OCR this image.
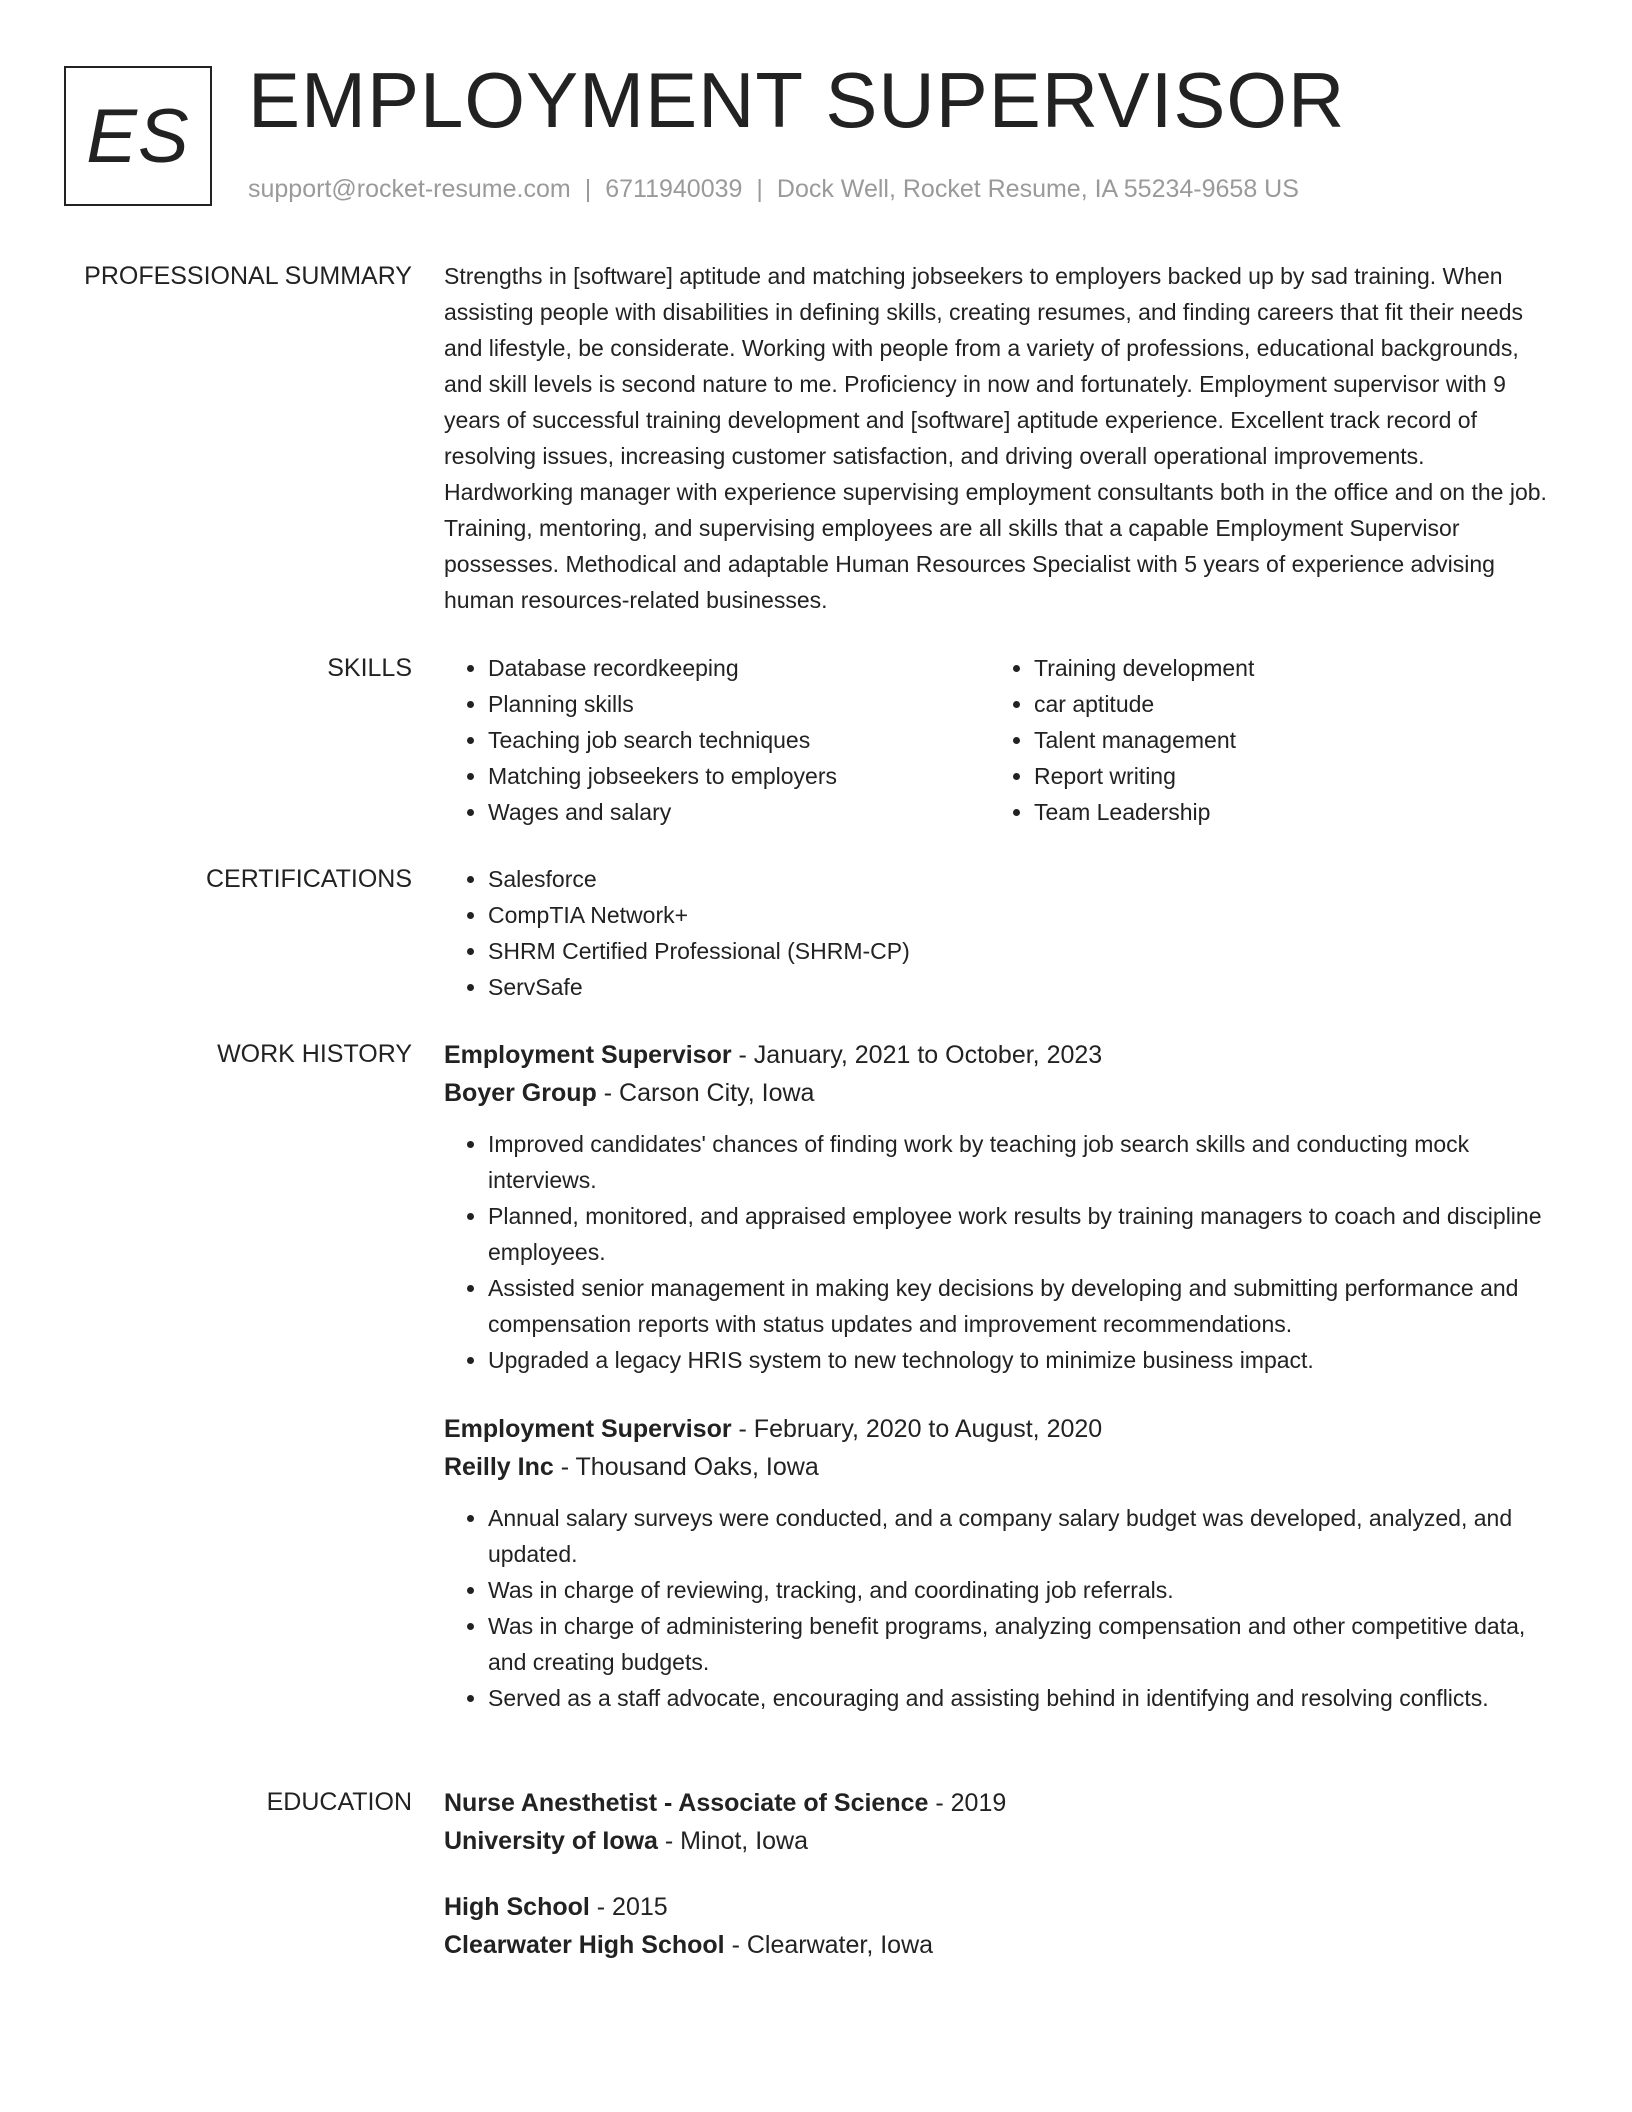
ES EMPLOYMENT SUPERVISOR
support@rocket-resume.com | 6711940039 | Dock Well, Rocket Resume, IA 55234-9658 US
PROFESSIONAL SUMMARY Strengths in [software] aptitude and matching jobseekers to employers backed up by sad training. When assisting people with disabilities in defining skills, creating resumes, and finding careers that fit their needs and lifestyle, be considerate. Working with people from a variety of professions, educational backgrounds, and skill levels is second nature to me. Proficiency in now and fortunately. Employment supervisor with 9 years of successful training development and [software] aptitude experience. Excellent track record of resolving issues, increasing customer satisfaction, and driving overall operational improvements. Hardworking manager with experience supervising employment consultants both in the office and on the job. Training, mentoring, and supervising employees are all skills that a capable Employment Supervisor possesses. Methodical and adaptable Human Resources Specialist with 5 years of experience advising human resources-related businesses.
SKILLS	• Database recordkeeping
• Planning skills
• Teaching job search techniques
• Matching jobseekers to employers
• Wages and salary
• Training development
• car aptitude
• Talent management
• Report writing
• Team Leadership
CERTIFICATIONS	• Salesforce
• CompTIA Network+
• SHRM Certified Professional (SHRM-CP)
• ServSafe
WORK HISTORY Employment Supervisor - January, 2021 to October, 2023
Boyer Group - Carson City, Iowa
• Improved candidates' chances of finding work by teaching job search skills and conducting mock interviews.
• Planned, monitored, and appraised employee work results by training managers to coach and discipline employees.
• Assisted senior management in making key decisions by developing and submitting performance and compensation reports with status updates and improvement recommendations.
• Upgraded a legacy HRIS system to new technology to minimize business impact.
Employment Supervisor - February, 2020 to August, 2020
Reilly Inc - Thousand Oaks, Iowa
• Annual salary surveys were conducted, and a company salary budget was developed, analyzed, and updated.
• Was in charge of reviewing, tracking, and coordinating job referrals.
• Was in charge of administering benefit programs, analyzing compensation and other competitive data, and creating budgets.
• Served as a staff advocate, encouraging and assisting behind in identifying and resolving conflicts.
EDUCATION Nurse Anesthetist - Associate of Science - 2019
University of Iowa - Minot, Iowa
High School - 2015
Clearwater High School - Clearwater, Iowa
